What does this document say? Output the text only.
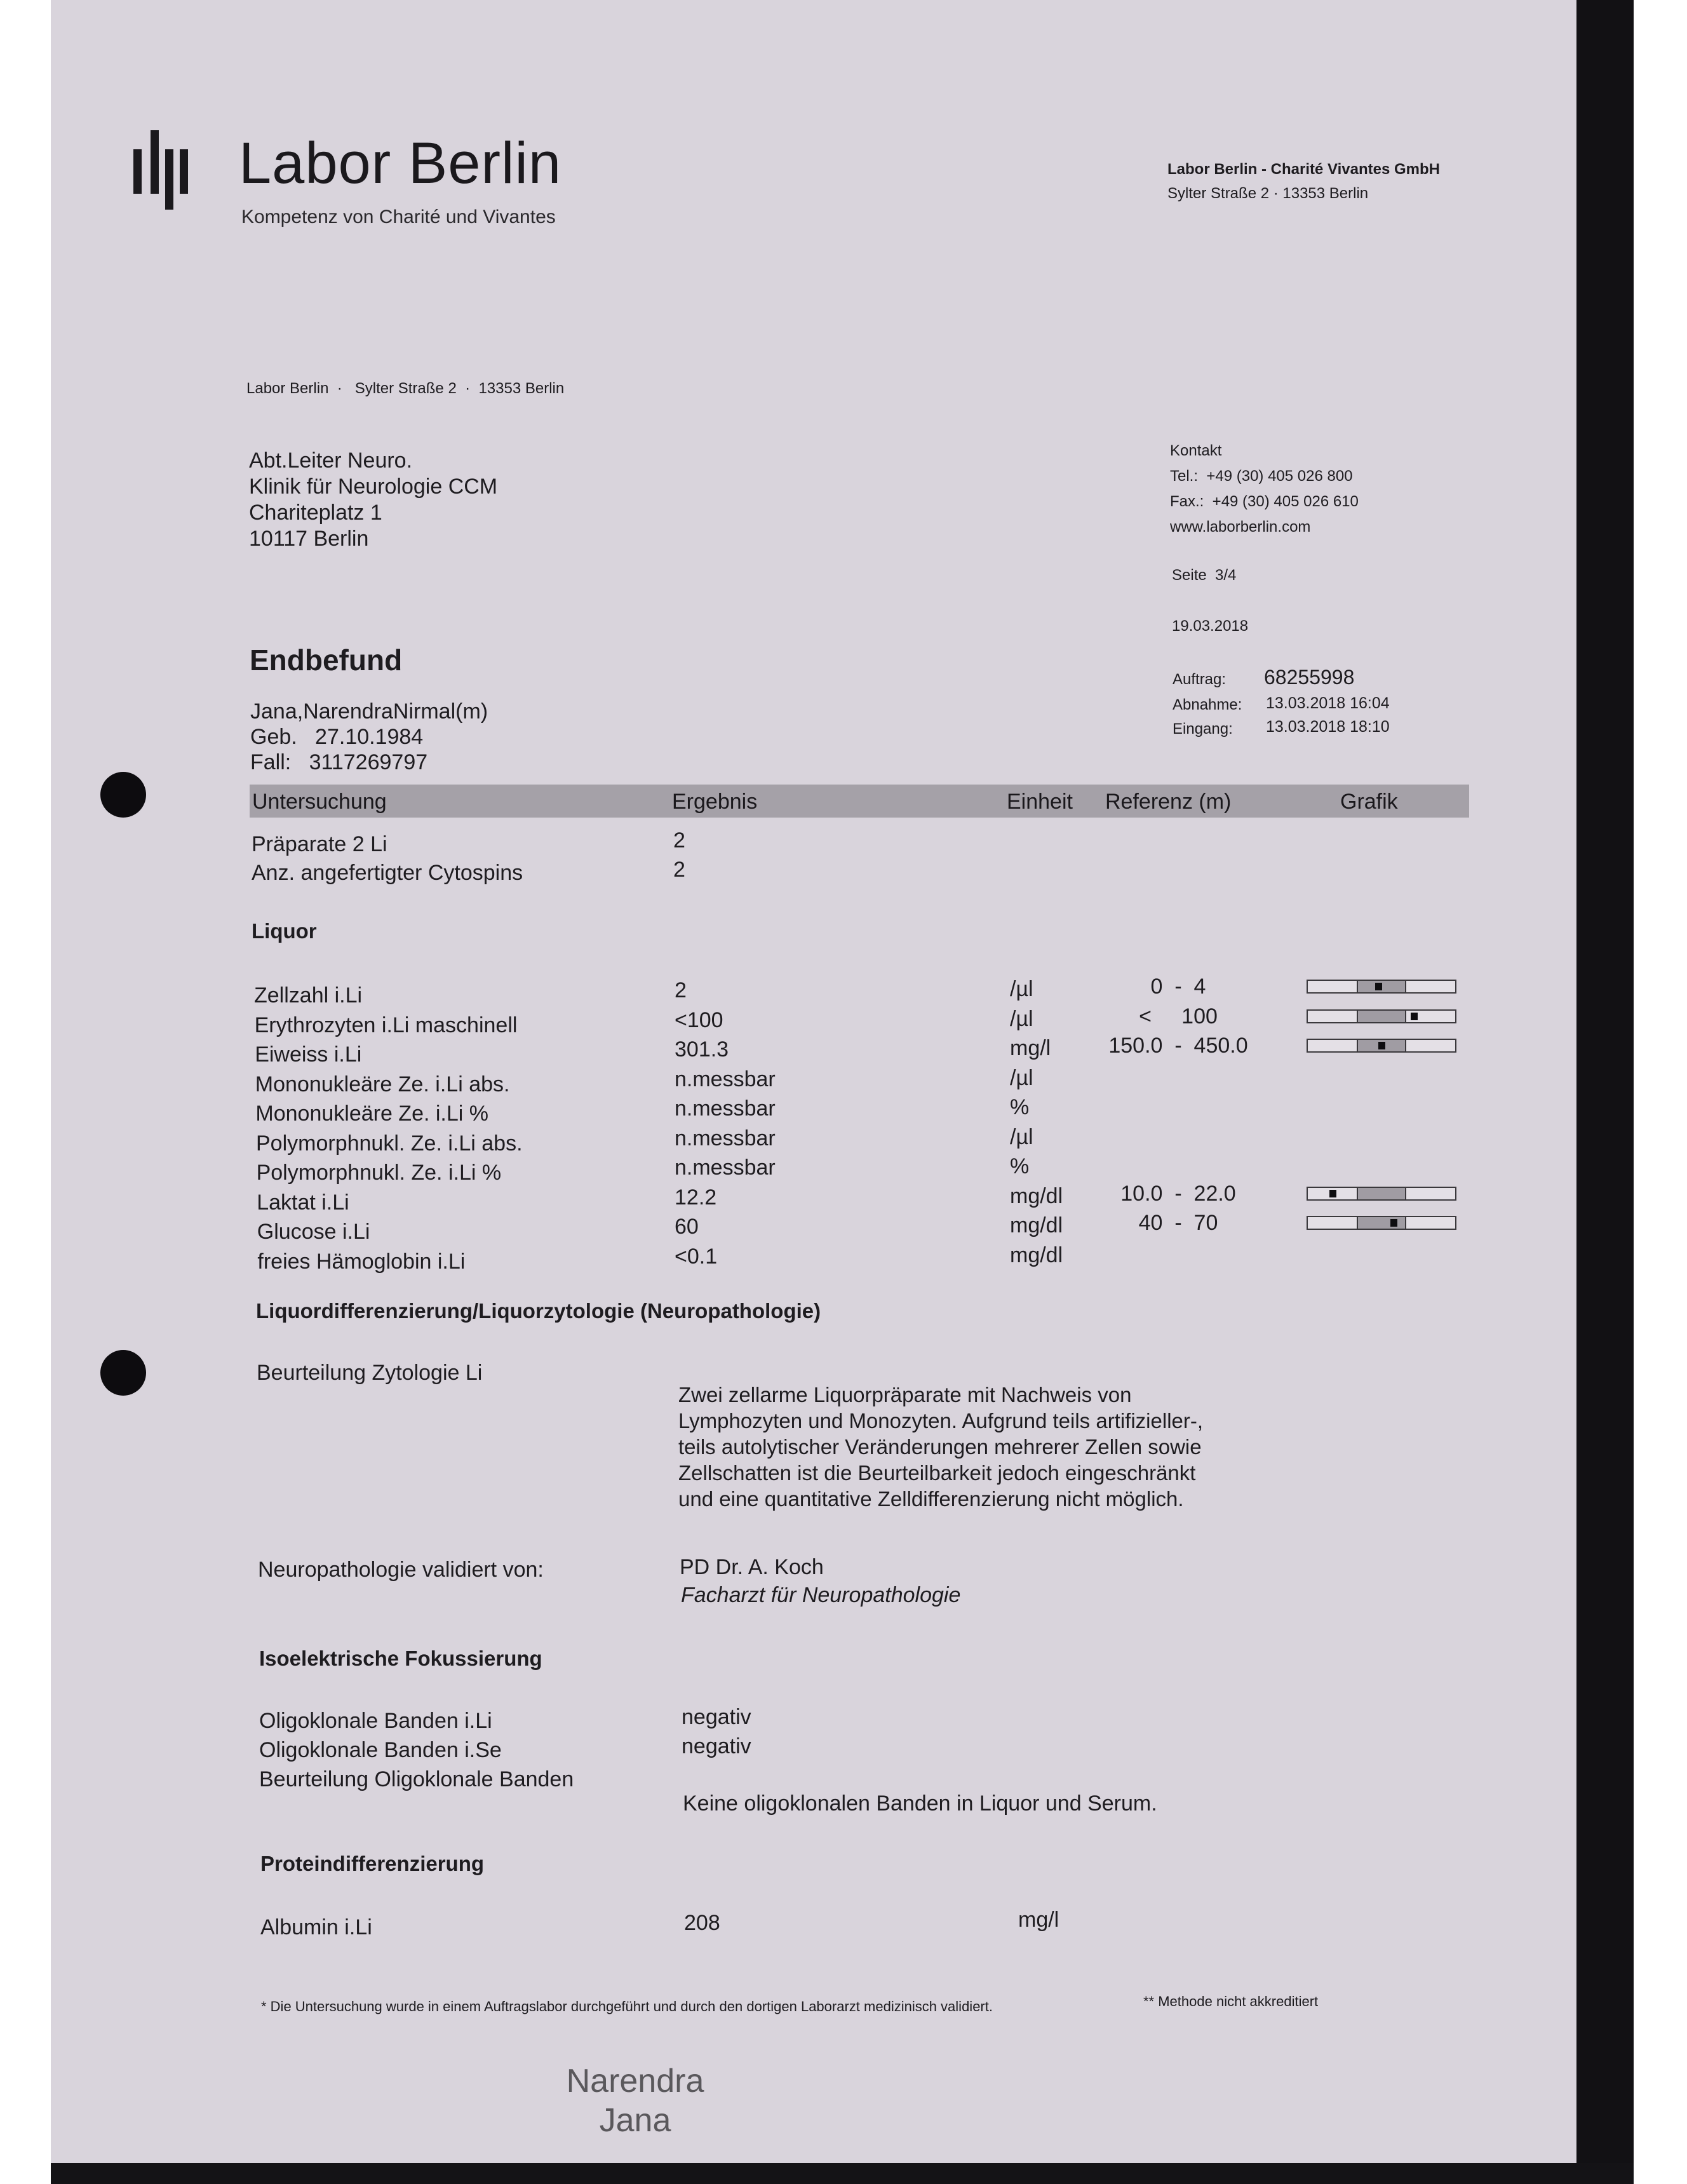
Labor Berlin
Kompetenz von Charité und Vivantes
Labor Berlin - Charité Vivantes GmbH
Sylter Straße 2 · 13353 Berlin
Labor Berlin  ·   Sylter Straße 2  ·  13353 Berlin
Abt.Leiter Neuro.
Klinik für Neurologie CCM
Chariteplatz 1
10117 Berlin
Kontakt
Tel.:  +49 (30) 405 026 800
Fax.:  +49 (30) 405 026 610
www.laborberlin.com
Seite  3/4
19.03.2018
Auftrag: 68255998
Abnahme: 13.03.2018 16:04
Eingang: 13.03.2018 18:10
Endbefund
Jana,NarendraNirmal(m)
Geb.   27.10.1984
Fall:   3117269797
Untersuchung	Ergebnis	Einheit Referenz (m)	Grafik
Präparate 2 Li	2
Anz. angefertigter Cytospins	2
Liquor
Zellzahl i.Li	2	/µl	0  -  4
Erythrozyten i.Li maschinell	<100	/µl	<     100
Eiweiss i.Li	301.3	mg/l	150.0  -  450.0
Mononukleäre Ze. i.Li abs.	n.messbar	/µl
Mononukleäre Ze. i.Li %	n.messbar	%
Polymorphnukl. Ze. i.Li abs.	n.messbar	/µl
Polymorphnukl. Ze. i.Li %	n.messbar	%
Laktat i.Li	12.2	mg/dl	10.0  -  22.0
Glucose i.Li	60	mg/dl	40  -  70
freies Hämoglobin i.Li	<0.1	mg/dl
Liquordifferenzierung/Liquorzytologie (Neuropathologie)
Beurteilung Zytologie Li
Zwei zellarme Liquorpräparate mit Nachweis von
Lymphozyten und Monozyten. Aufgrund teils artifizieller-,
teils autolytischer Veränderungen mehrerer Zellen sowie
Zellschatten ist die Beurteilbarkeit jedoch eingeschränkt
und eine quantitative Zelldifferenzierung nicht möglich.
Neuropathologie validiert von:	PD Dr. A. Koch
Facharzt für Neuropathologie
Isoelektrische Fokussierung
Oligoklonale Banden i.Li	negativ
Oligoklonale Banden i.Se	negativ
Beurteilung Oligoklonale Banden
Keine oligoklonalen Banden in Liquor und Serum.
Proteindifferenzierung
Albumin i.Li	208	mg/l
* Die Untersuchung wurde in einem Auftragslabor durchgeführt und durch den dortigen Laborarzt medizinisch validiert.	** Methode nicht akkreditiert
Narendra
Jana
